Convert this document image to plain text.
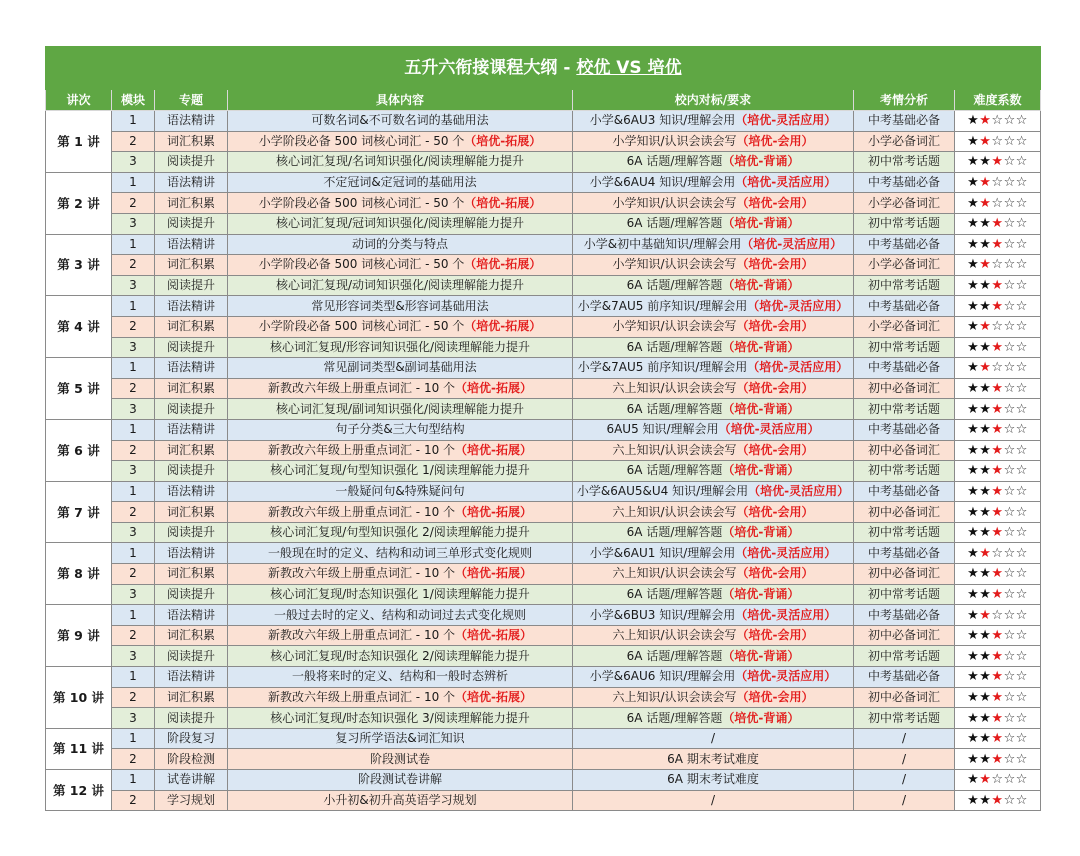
五升六衔接课程大纲 - 校优 VS 培优						
讲次	模块	专题	具体内容	校内对标/要求	考情分析	难度系数
第 1 讲	1	语法精讲	可数名词&不可数名词的基础用法	小学&6AU3 知识/理解会用（培优-灵活应用）	中考基础必备	★★☆☆☆
	2	词汇积累	小学阶段必备 500 词核心词汇 - 50 个（培优-拓展）	小学知识/认识会读会写（培优-会用）	小学必备词汇	★★☆☆☆
	3	阅读提升	核心词汇复现/名词知识强化/阅读理解能力提升	6A 话题/理解答题（培优-背诵）	初中常考话题	★★★☆☆
第 2 讲	1	语法精讲	不定冠词&定冠词的基础用法	小学&6AU4 知识/理解会用（培优-灵活应用）	中考基础必备	★★☆☆☆
	2	词汇积累	小学阶段必备 500 词核心词汇 - 50 个（培优-拓展）	小学知识/认识会读会写（培优-会用）	小学必备词汇	★★☆☆☆
	3	阅读提升	核心词汇复现/冠词知识强化/阅读理解能力提升	6A 话题/理解答题（培优-背诵）	初中常考话题	★★★☆☆
第 3 讲	1	语法精讲	动词的分类与特点	小学&初中基础知识/理解会用（培优-灵活应用）	中考基础必备	★★★☆☆
	2	词汇积累	小学阶段必备 500 词核心词汇 - 50 个（培优-拓展）	小学知识/认识会读会写（培优-会用）	小学必备词汇	★★☆☆☆
	3	阅读提升	核心词汇复现/动词知识强化/阅读理解能力提升	6A 话题/理解答题（培优-背诵）	初中常考话题	★★★☆☆
第 4 讲	1	语法精讲	常见形容词类型&形容词基础用法	小学&7AU5 前序知识/理解会用（培优-灵活应用）	中考基础必备	★★★☆☆
	2	词汇积累	小学阶段必备 500 词核心词汇 - 50 个（培优-拓展）	小学知识/认识会读会写（培优-会用）	小学必备词汇	★★☆☆☆
	3	阅读提升	核心词汇复现/形容词知识强化/阅读理解能力提升	6A 话题/理解答题（培优-背诵）	初中常考话题	★★★☆☆
第 5 讲	1	语法精讲	常见副词类型&副词基础用法	小学&7AU5 前序知识/理解会用（培优-灵活应用）	中考基础必备	★★☆☆☆
	2	词汇积累	新教改六年级上册重点词汇 - 10 个（培优-拓展）	六上知识/认识会读会写（培优-会用）	初中必备词汇	★★★☆☆
	3	阅读提升	核心词汇复现/副词知识强化/阅读理解能力提升	6A 话题/理解答题（培优-背诵）	初中常考话题	★★★☆☆
第 6 讲	1	语法精讲	句子分类&三大句型结构	6AU5 知识/理解会用（培优-灵活应用）	中考基础必备	★★★☆☆
	2	词汇积累	新教改六年级上册重点词汇 - 10 个（培优-拓展）	六上知识/认识会读会写（培优-会用）	初中必备词汇	★★★☆☆
	3	阅读提升	核心词汇复现/句型知识强化 1/阅读理解能力提升	6A 话题/理解答题（培优-背诵）	初中常考话题	★★★☆☆
第 7 讲	1	语法精讲	一般疑问句&特殊疑问句	小学&6AU5&U4 知识/理解会用（培优-灵活应用）	中考基础必备	★★★☆☆
	2	词汇积累	新教改六年级上册重点词汇 - 10 个（培优-拓展）	六上知识/认识会读会写（培优-会用）	初中必备词汇	★★★☆☆
	3	阅读提升	核心词汇复现/句型知识强化 2/阅读理解能力提升	6A 话题/理解答题（培优-背诵）	初中常考话题	★★★☆☆
第 8 讲	1	语法精讲	一般现在时的定义、结构和动词三单形式变化规则	小学&6AU1 知识/理解会用（培优-灵活应用）	中考基础必备	★★☆☆☆
	2	词汇积累	新教改六年级上册重点词汇 - 10 个（培优-拓展）	六上知识/认识会读会写（培优-会用）	初中必备词汇	★★★☆☆
	3	阅读提升	核心词汇复现/时态知识强化 1/阅读理解能力提升	6A 话题/理解答题（培优-背诵）	初中常考话题	★★★☆☆
第 9 讲	1	语法精讲	一般过去时的定义、结构和动词过去式变化规则	小学&6BU3 知识/理解会用（培优-灵活应用）	中考基础必备	★★☆☆☆
	2	词汇积累	新教改六年级上册重点词汇 - 10 个（培优-拓展）	六上知识/认识会读会写（培优-会用）	初中必备词汇	★★★☆☆
	3	阅读提升	核心词汇复现/时态知识强化 2/阅读理解能力提升	6A 话题/理解答题（培优-背诵）	初中常考话题	★★★☆☆
第 10 讲	1	语法精讲	一般将来时的定义、结构和一般时态辨析	小学&6AU6 知识/理解会用（培优-灵活应用）	中考基础必备	★★★☆☆
	2	词汇积累	新教改六年级上册重点词汇 - 10 个（培优-拓展）	六上知识/认识会读会写（培优-会用）	初中必备词汇	★★★☆☆
	3	阅读提升	核心词汇复现/时态知识强化 3/阅读理解能力提升	6A 话题/理解答题（培优-背诵）	初中常考话题	★★★☆☆
第 11 讲	1	阶段复习	复习所学语法&词汇知识	/	/	★★★☆☆
	2	阶段检测	阶段测试卷	6A 期末考试难度	/	★★★☆☆
第 12 讲	1	试卷讲解	阶段测试卷讲解	6A 期末考试难度	/	★★☆☆☆
	2	学习规划	小升初&初升高英语学习规划	/	/	★★★☆☆
